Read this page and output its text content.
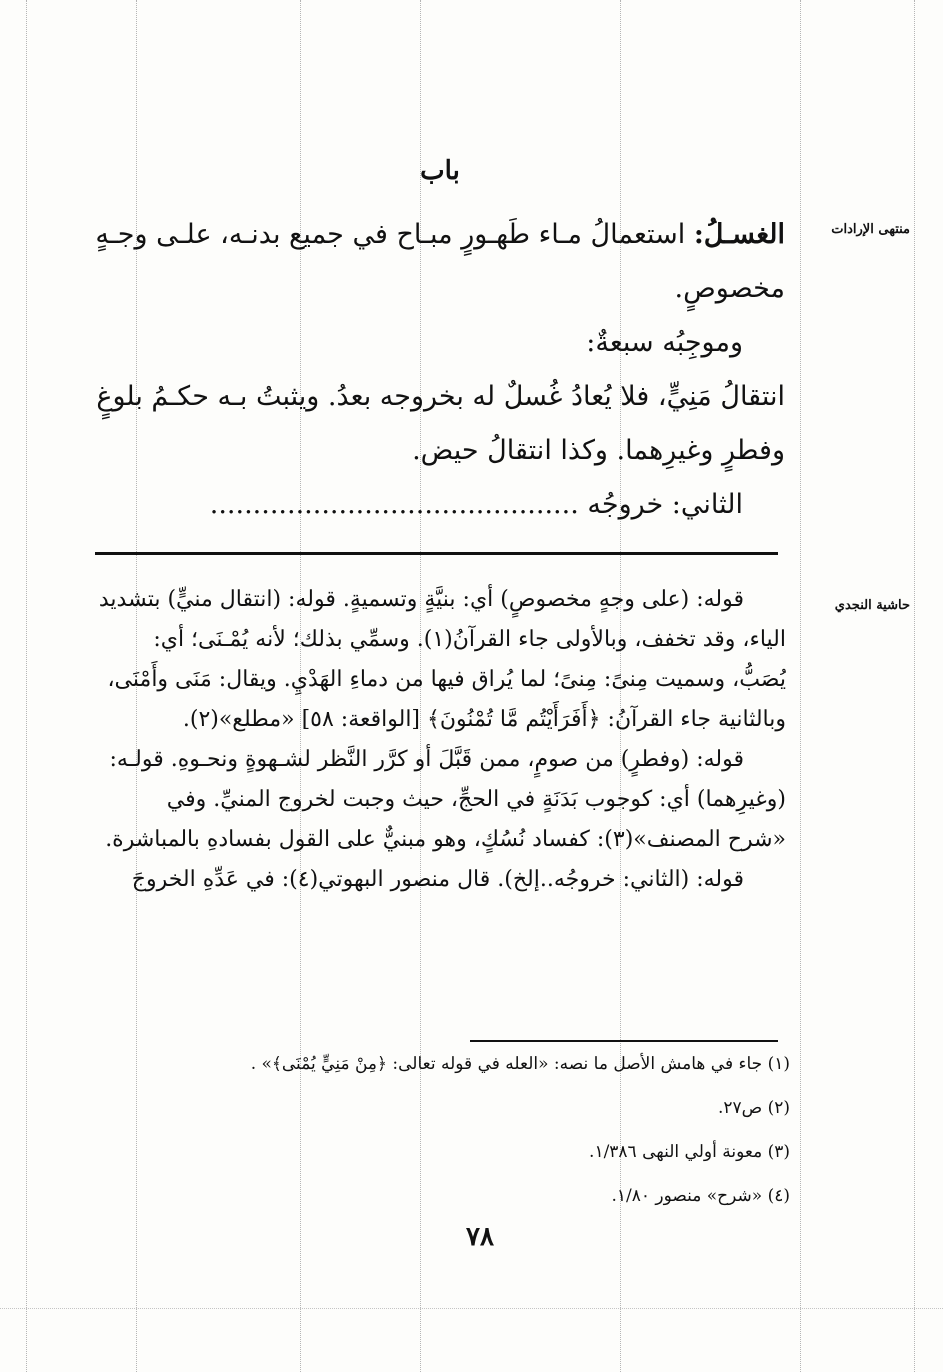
باب
منتهى الإرادات
حاشية النجدي

الغسـلُ: استعمالُ مـاء طَهـورٍ مبـاح في جميع بدنـه، علـى وجـهٍ

مخصوصٍ.

وموجِبُه سبعةٌ:

انتقالُ مَنِيٍّ، فلا يُعادُ غُسلٌ له بخروجه بعدُ. ويثبتُ بـه حكـمُ بلوغٍ

وفطرٍ وغيرِهما. وكذا انتقالُ حيض.

الثاني: خروجُه ...........................................

قوله: (على وجهٍ مخصوصٍ) أي: بنيَّةٍ وتسميةٍ. قوله: (انتقال منيٍّ) بتشديد

الياء، وقد تخفف، وبالأولى جاء القرآنُ(١). وسمِّي بذلك؛ لأنه يُمْـنَى؛ أي:

يُصَبُّ، وسميت مِنىً: مِنىً؛ لما يُراق فيها من دماءِ الهَدْيِ. ويقال: مَنَى وأَمْنَى،

وبالثانية جاء القرآنُ: ﴿أَفَرَأَيْتُم مَّا تُمْنُونَ﴾ [الواقعة: ٥٨] «مطلع»(٢).

قوله: (وفطرٍ) من صومٍ، ممن قَبَّلَ أو كرَّر النَّظر لشـهوةٍ ونحـوهِ. قولـه:

(وغيرِهما) أي: كوجوب بَدَنَةٍ في الحجِّ، حيث وجبت لخروج المنيِّ. وفي

«شرح المصنف»(٣): كفساد نُسُكٍ، وهو مبنيٌّ على القول بفسادهِ بالمباشرة.

قوله: (الثاني: خروجُه..إلخ). قال منصور البهوتي(٤): في عَدِّهِ الخروجَ

(١) جاء في هامش الأصل ما نصه: «العله في قوله تعالى: ﴿مِنْ مَنِيٍّ يُمْنَى﴾» .
(٢) ص٢٧.
(٣) معونة أولي النهى ١/٣٨٦.
(٤) «شرح» منصور ١/٨٠.
٧٨
